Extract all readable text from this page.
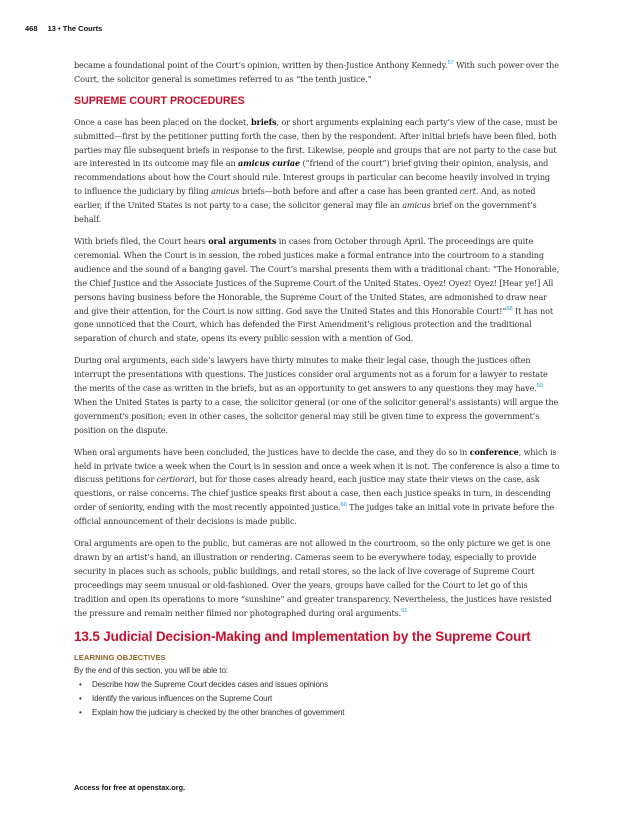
468 13 • The Courts

became a foundational point of the Court’s opinion, written by then-Justice Anthony Kennedy.$^{57}$ With such power over the Court, the solicitor general is sometimes referred to as “the tenth justice.”

SUPREME COURT PROCEDURES

Once a case has been placed on the docket, briefs, or short arguments explaining each party’s view of the case, must be submitted—first by the petitioner putting forth the case, then by the respondent. After initial briefs have been filed, both parties may file subsequent briefs in response to the first. Likewise, people and groups that are not party to the case but are interested in its outcome may file an amicus curiae (“friend of the court”) brief giving their opinion, analysis, and recommendations about how the Court should rule. Interest groups in particular can become heavily involved in trying to influence the judiciary by filing amicus briefs—both before and after a case has been granted cert. And, as noted earlier, if the United States is not party to a case, the solicitor general may file an amicus brief on the government’s behalf.

With briefs filed, the Court hears oral arguments in cases from October through April. The proceedings are quite ceremonial. When the Court is in session, the robed justices make a formal entrance into the courtroom to a standing audience and the sound of a banging gavel. The Court’s marshal presents them with a traditional chant: “The Honorable, the Chief Justice and the Associate Justices of the Supreme Court of the United States. Oyez! Oyez! Oyez! [Hear ye!] All persons having business before the Honorable, the Supreme Court of the United States, are admonished to draw near and give their attention, for the Court is now sitting. God save the United States and this Honorable Court!”$^{58}$ It has not gone unnoticed that the Court, which has defended the First Amendment’s religious protection and the traditional separation of church and state, opens its every public session with a mention of God.

During oral arguments, each side’s lawyers have thirty minutes to make their legal case, though the justices often interrupt the presentations with questions. The justices consider oral arguments not as a forum for a lawyer to restate the merits of the case as written in the briefs, but as an opportunity to get answers to any questions they may have.$^{59}$ When the United States is party to a case, the solicitor general (or one of the solicitor general’s assistants) will argue the government’s position; even in other cases, the solicitor general may still be given time to express the government’s position on the dispute.

When oral arguments have been concluded, the justices have to decide the case, and they do so in conference, which is held in private twice a week when the Court is in session and once a week when it is not. The conference is also a time to discuss petitions for certiorari, but for those cases already heard, each justice may state their views on the case, ask questions, or raise concerns. The chief justice speaks first about a case, then each justice speaks in turn, in descending order of seniority, ending with the most recently appointed justice.$^{60}$ The judges take an initial vote in private before the official announcement of their decisions is made public.

Oral arguments are open to the public, but cameras are not allowed in the courtroom, so the only picture we get is one drawn by an artist’s hand, an illustration or rendering. Cameras seem to be everywhere today, especially to provide security in places such as schools, public buildings, and retail stores, so the lack of live coverage of Supreme Court proceedings may seem unusual or old-fashioned. Over the years, groups have called for the Court to let go of this tradition and open its operations to more “sunshine” and greater transparency. Nevertheless, the justices have resisted the pressure and remain neither filmed nor photographed during oral arguments.$^{61}$

13.5 Judicial Decision-Making and Implementation by the Supreme Court
LEARNING OBJECTIVES
By the end of this section, you will be able to:
• Describe how the Supreme Court decides cases and issues opinions
• Identify the various influences on the Supreme Court
• Explain how the judiciary is checked by the other branches of government
Access for free at openstax.org.
